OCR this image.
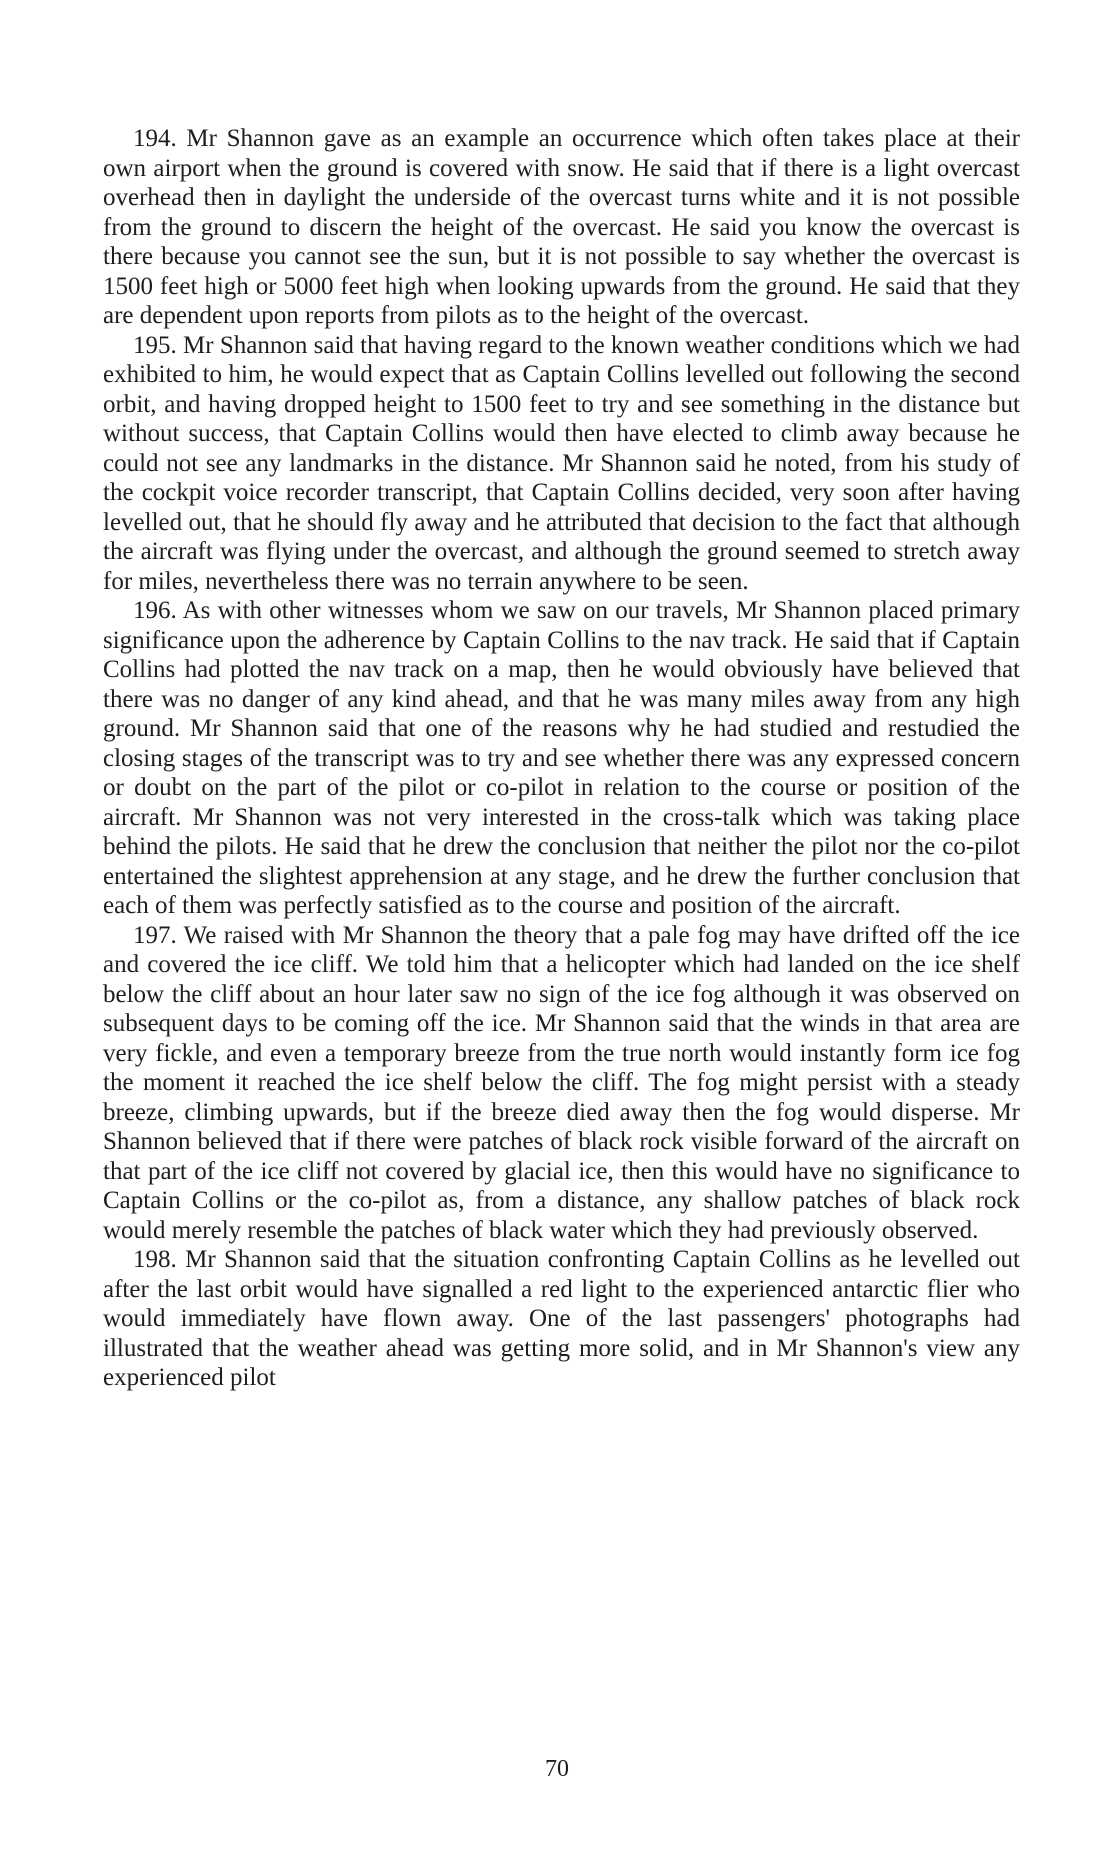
194. Mr Shannon gave as an example an occurrence which often takes place at their own airport when the ground is covered with snow. He said that if there is a light overcast overhead then in daylight the underside of the overcast turns white and it is not possible from the ground to discern the height of the overcast. He said you know the overcast is there because you cannot see the sun, but it is not possible to say whether the overcast is 1500 feet high or 5000 feet high when looking upwards from the ground. He said that they are dependent upon reports from pilots as to the height of the overcast.

195. Mr Shannon said that having regard to the known weather conditions which we had exhibited to him, he would expect that as Captain Collins levelled out following the second orbit, and having dropped height to 1500 feet to try and see something in the distance but without success, that Captain Collins would then have elected to climb away because he could not see any landmarks in the distance. Mr Shannon said he noted, from his study of the cockpit voice recorder transcript, that Captain Collins decided, very soon after having levelled out, that he should fly away and he attributed that decision to the fact that although the aircraft was flying under the overcast, and although the ground seemed to stretch away for miles, nevertheless there was no terrain anywhere to be seen.

196. As with other witnesses whom we saw on our travels, Mr Shannon placed primary significance upon the adherence by Captain Collins to the nav track. He said that if Captain Collins had plotted the nav track on a map, then he would obviously have believed that there was no danger of any kind ahead, and that he was many miles away from any high ground. Mr Shannon said that one of the reasons why he had studied and restudied the closing stages of the transcript was to try and see whether there was any expressed concern or doubt on the part of the pilot or co-pilot in relation to the course or position of the aircraft. Mr Shannon was not very interested in the cross-talk which was taking place behind the pilots. He said that he drew the conclusion that neither the pilot nor the co-pilot entertained the slightest apprehension at any stage, and he drew the further conclusion that each of them was perfectly satisfied as to the course and position of the aircraft.

197. We raised with Mr Shannon the theory that a pale fog may have drifted off the ice and covered the ice cliff. We told him that a helicopter which had landed on the ice shelf below the cliff about an hour later saw no sign of the ice fog although it was observed on subsequent days to be coming off the ice. Mr Shannon said that the winds in that area are very fickle, and even a temporary breeze from the true north would instantly form ice fog the moment it reached the ice shelf below the cliff. The fog might persist with a steady breeze, climbing upwards, but if the breeze died away then the fog would disperse. Mr Shannon believed that if there were patches of black rock visible forward of the aircraft on that part of the ice cliff not covered by glacial ice, then this would have no significance to Captain Collins or the co-pilot as, from a distance, any shallow patches of black rock would merely resemble the patches of black water which they had previously observed.

198. Mr Shannon said that the situation confronting Captain Collins as he levelled out after the last orbit would have signalled a red light to the experienced antarctic flier who would immediately have flown away. One of the last passengers' photographs had illustrated that the weather ahead was getting more solid, and in Mr Shannon's view any experienced pilot

70
